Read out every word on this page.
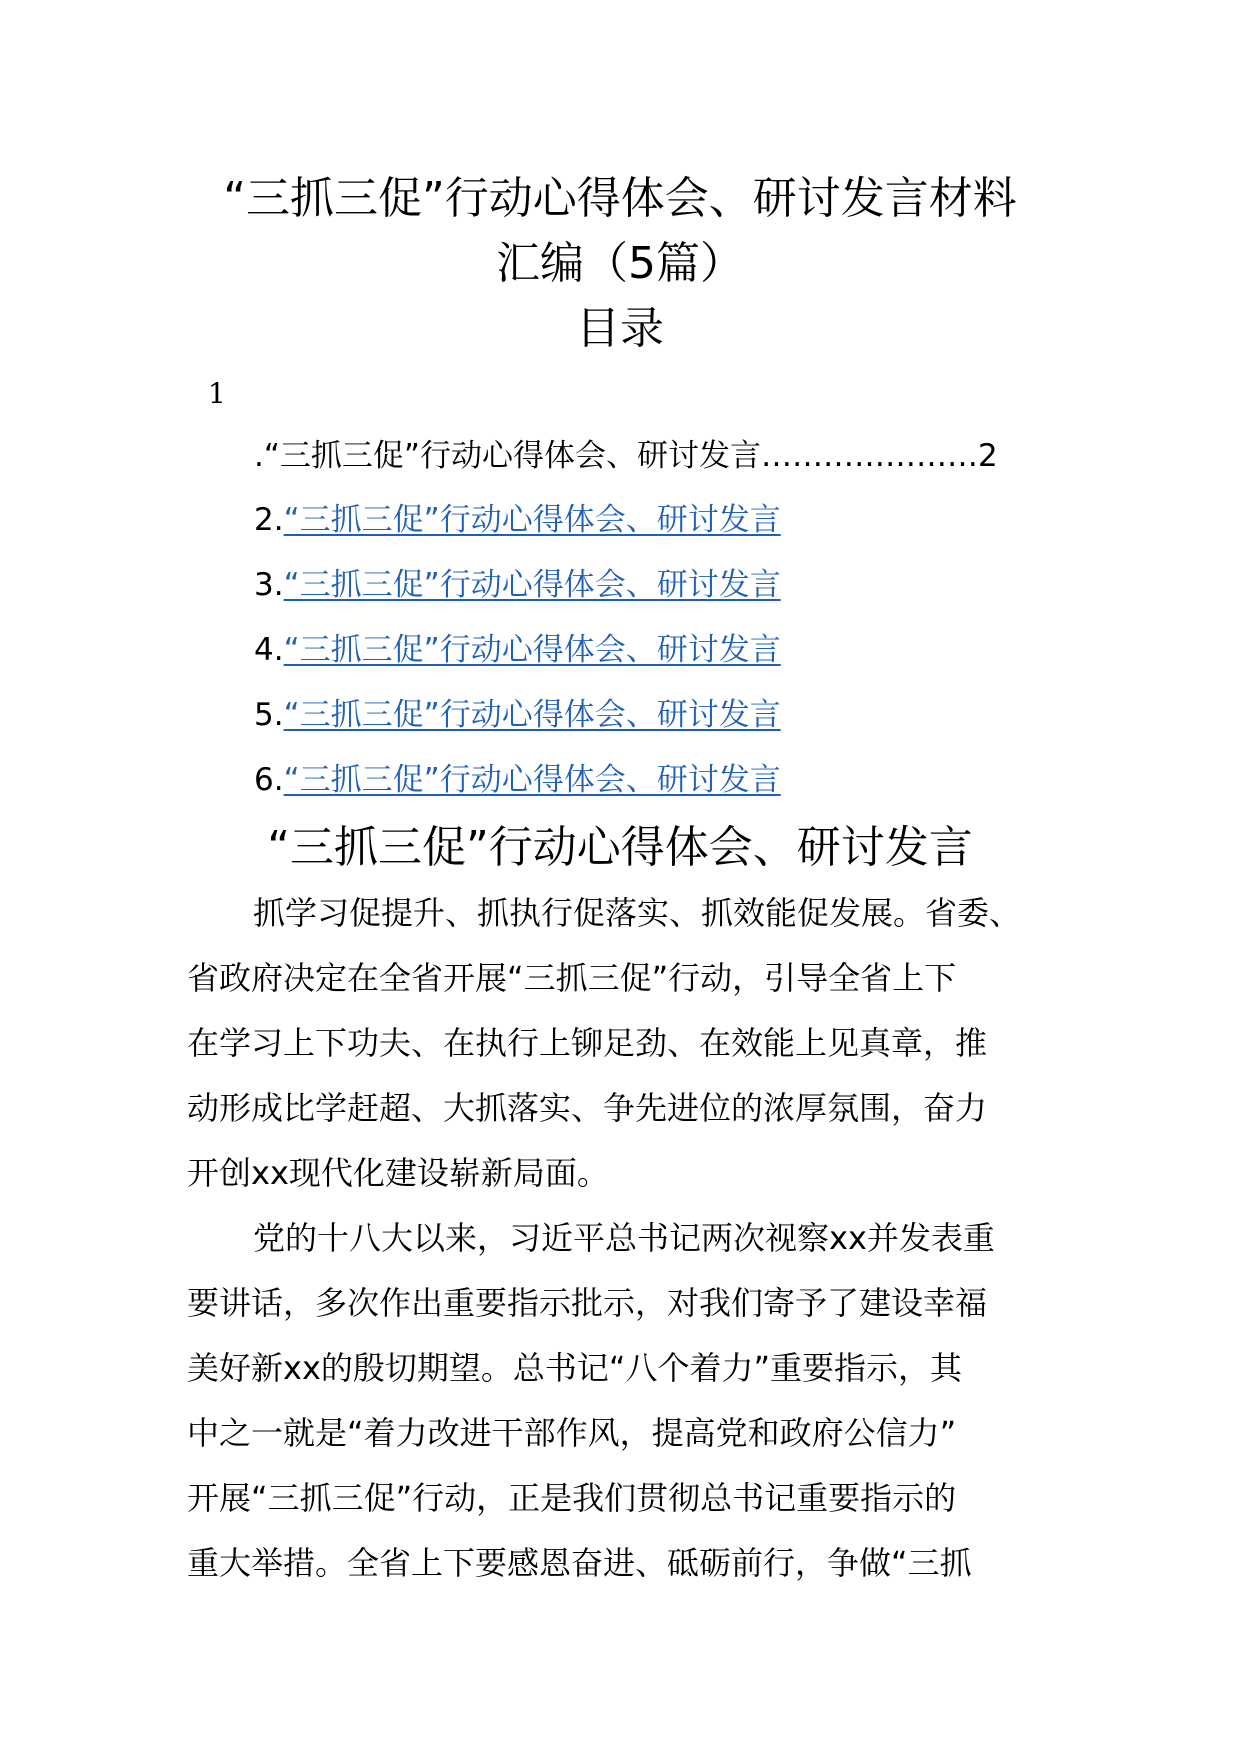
“三抓三促”行动心得体会、研讨发言材料
汇编（5篇）
目录
1
.“三抓三促”行动心得体会、研讨发言…………………2
2.“三抓三促”行动心得体会、研讨发言
3.“三抓三促”行动心得体会、研讨发言
4.“三抓三促”行动心得体会、研讨发言
5.“三抓三促”行动心得体会、研讨发言
6.“三抓三促”行动心得体会、研讨发言
“三抓三促”行动心得体会、研讨发言
抓学习促提升、抓执行促落实、抓效能促发展。省委、
省政府决定在全省开展“三抓三促”行动，引导全省上下
在学习上下功夫、在执行上铆足劲、在效能上见真章，推
动形成比学赶超、大抓落实、争先进位的浓厚氛围，奋力
开创xx现代化建设崭新局面。
党的十八大以来，习近平总书记两次视察xx并发表重
要讲话，多次作出重要指示批示，对我们寄予了建设幸福
美好新xx的殷切期望。总书记“八个着力”重要指示，其
中之一就是“着力改进干部作风，提高党和政府公信力”
开展“三抓三促”行动，正是我们贯彻总书记重要指示的
重大举措。全省上下要感恩奋进、砥砺前行，争做“三抓
